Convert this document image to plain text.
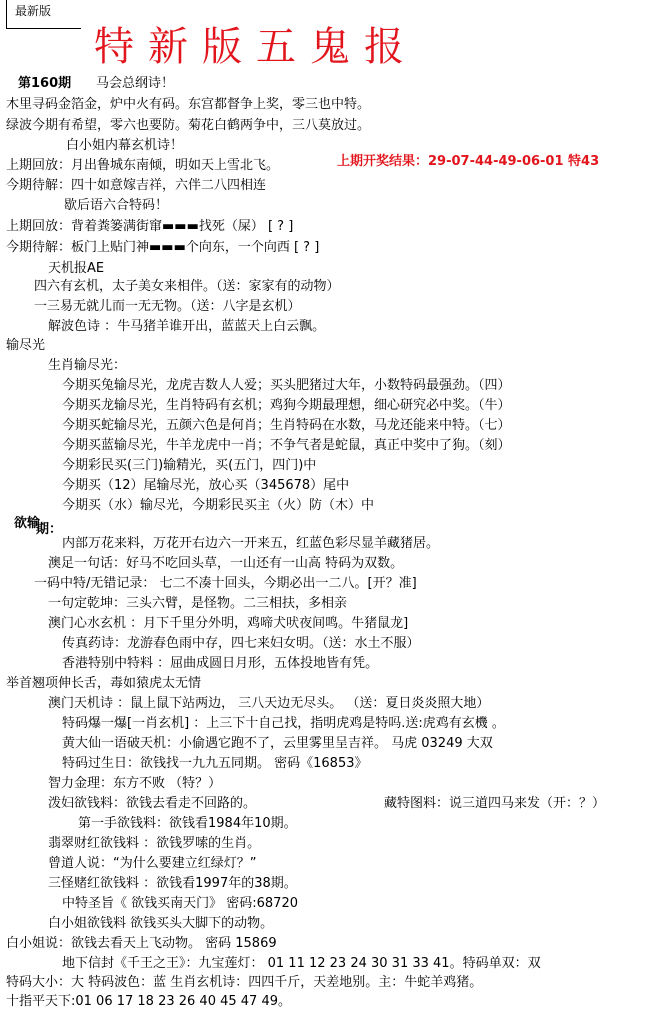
最新版
特新版五鬼报
第160期 马会总纲诗！
木里寻码金箔金，炉中火有码。东宫都督争上奖，零三也中特。
绿波今期有希望，零六也要防。菊花白鹤两争中，三八莫放过。
白小姐内幕玄机诗！
上期回放：月出鲁城东南倾，明如天上雪北飞。	上期开奖结果：29-07-44-49-06-01 特43
今期待解：四十如意嫁吉祥，六伴二八四相连
歇后语六合特码！
上期回放：背着粪篓满街窜▬▬▬找死（屎） [ ? ]
今期待解：板门上贴门神▬▬▬个向东，一个向西 [ ? ]
天机报AE
四六有玄机，太子美女来相伴。（送：家家有的动物）
一三易无就儿而一无无物。（送：八字是玄机）
解波色诗 ：牛马猪羊谁开出，蓝蓝天上白云飘。
输尽光
生肖输尽光：
今期买兔输尽光，龙虎吉数人人爱；买头肥猪过大年，小数特码最强劲。（四）
今期买龙输尽光，生肖特码有玄机；鸡狗今期最理想，细心研究必中奖。（牛）
今期买蛇输尽光，五颜六色是何肖；生肖特码在水数，马龙还能来中特。（七）
今期买蓝输尽光，牛羊龙虎中一肖；不争气者是蛇鼠，真正中奖中了狗。（刻）
今期彩民买(三门)输精光，买(五门，四门)中
今期买（12）尾输尽光，放心买（345678）尾中
今期买（水）输尽光，今期彩民买主（火）防（木）中
欲输
期：
内部万花来料，万花开右边六一开来五，红蓝色彩尽显羊藏猪居。
澳足一句话：好马不吃回头草，一山还有一山高 特码为双数。
一码中特/无错记录： 七二不凑十回头，今期必出一二八。[开？准]
一句定乾坤：三头六臂，是怪物。二三相扶，多相亲
澳门心水玄机 ：月下千里分外明，鸡啼犬吠夜间鸣。牛猪鼠龙]
传真药诗：龙游春色雨中存，四七来妇女明。（送：水土不服）
香港特别中特料 ：屈曲成圆日月形，五体投地皆有凭。
举首翘项伸长舌，毒如猿虎太无情
澳门天机诗 ：鼠上鼠下站两边， 三八天边无尽头。 （送：夏日炎炎照大地）
特码爆一爆[一肖玄机] ：上三下十自己找，指明虎鸡是特吗.送:虎鸡有玄機 。
黄大仙一语破天机：小偷遇它跑不了，云里雾里呈吉祥。 马虎 03249 大双
特码过生日：欲钱找一九九五同期。 密码《16853》
智力金理：东方不败 （特？）
泼妇欲钱料：欲钱去看走不回路的。	藏特图料：说三道四马来发（开：？）
第一手欲钱料：欲钱看1984年10期。
翡翠财红欲钱料 ：欲钱罗嗦的生肖。
曾道人说：“为什么要建立红绿灯？”
三怪赌红欲钱料 ：欲钱看1997年的38期。
中特圣旨《 欲钱买南天门》 密码:68720
白小姐欲钱料 欲钱买头大脚下的动物。
白小姐说：欲钱去看天上飞动物。 密码 15869
地下信封《千王之王》：九宝莲灯： 01 11 12 23 24 30 31 33 41。特码单双：双
特码大小：大 特码波色：蓝 生肖玄机诗：四四千斤，天差地别。主：牛蛇羊鸡猪。
十指平天下:01 06 17 18 23 26 40 45 47 49。
